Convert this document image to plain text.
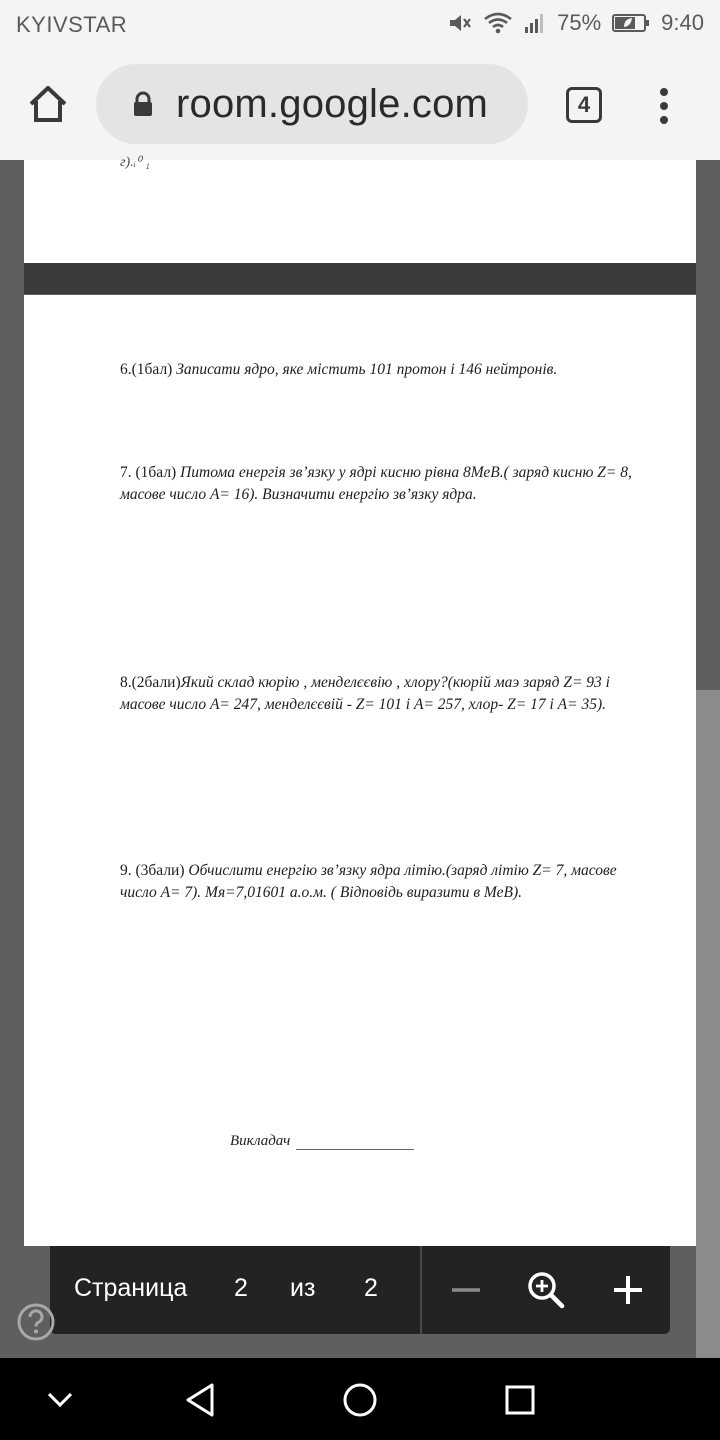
KYIVSTAR	75%	9:40
room.google.com	4
г).ᵢ⁰ ₁

6.(1бал) Записати ядро, яке містить 101 протон і 146 нейтронів.

7. (1бал) Питома енергія зв’язку у ядрі кисню рівна 8МеВ.( заряд кисню Z= 8, масове число А= 16). Визначити енергію зв’язку ядра.

8.(2бали)Який склад кюрію , менделєєвію , хлору?(кюрій маэ заряд Z= 93 і масове число А= 247, менделєєвій - Z= 101 і А= 257, хлор- Z= 17 і А= 35).

9. (3бали) Обчислити енергію зв’язку ядра літію.(заряд літію Z= 7, масове число А= 7). Мя=7,01601 а.о.м. ( Відповідь виразити в МеВ).

Викладач
Страница 2 из 2
